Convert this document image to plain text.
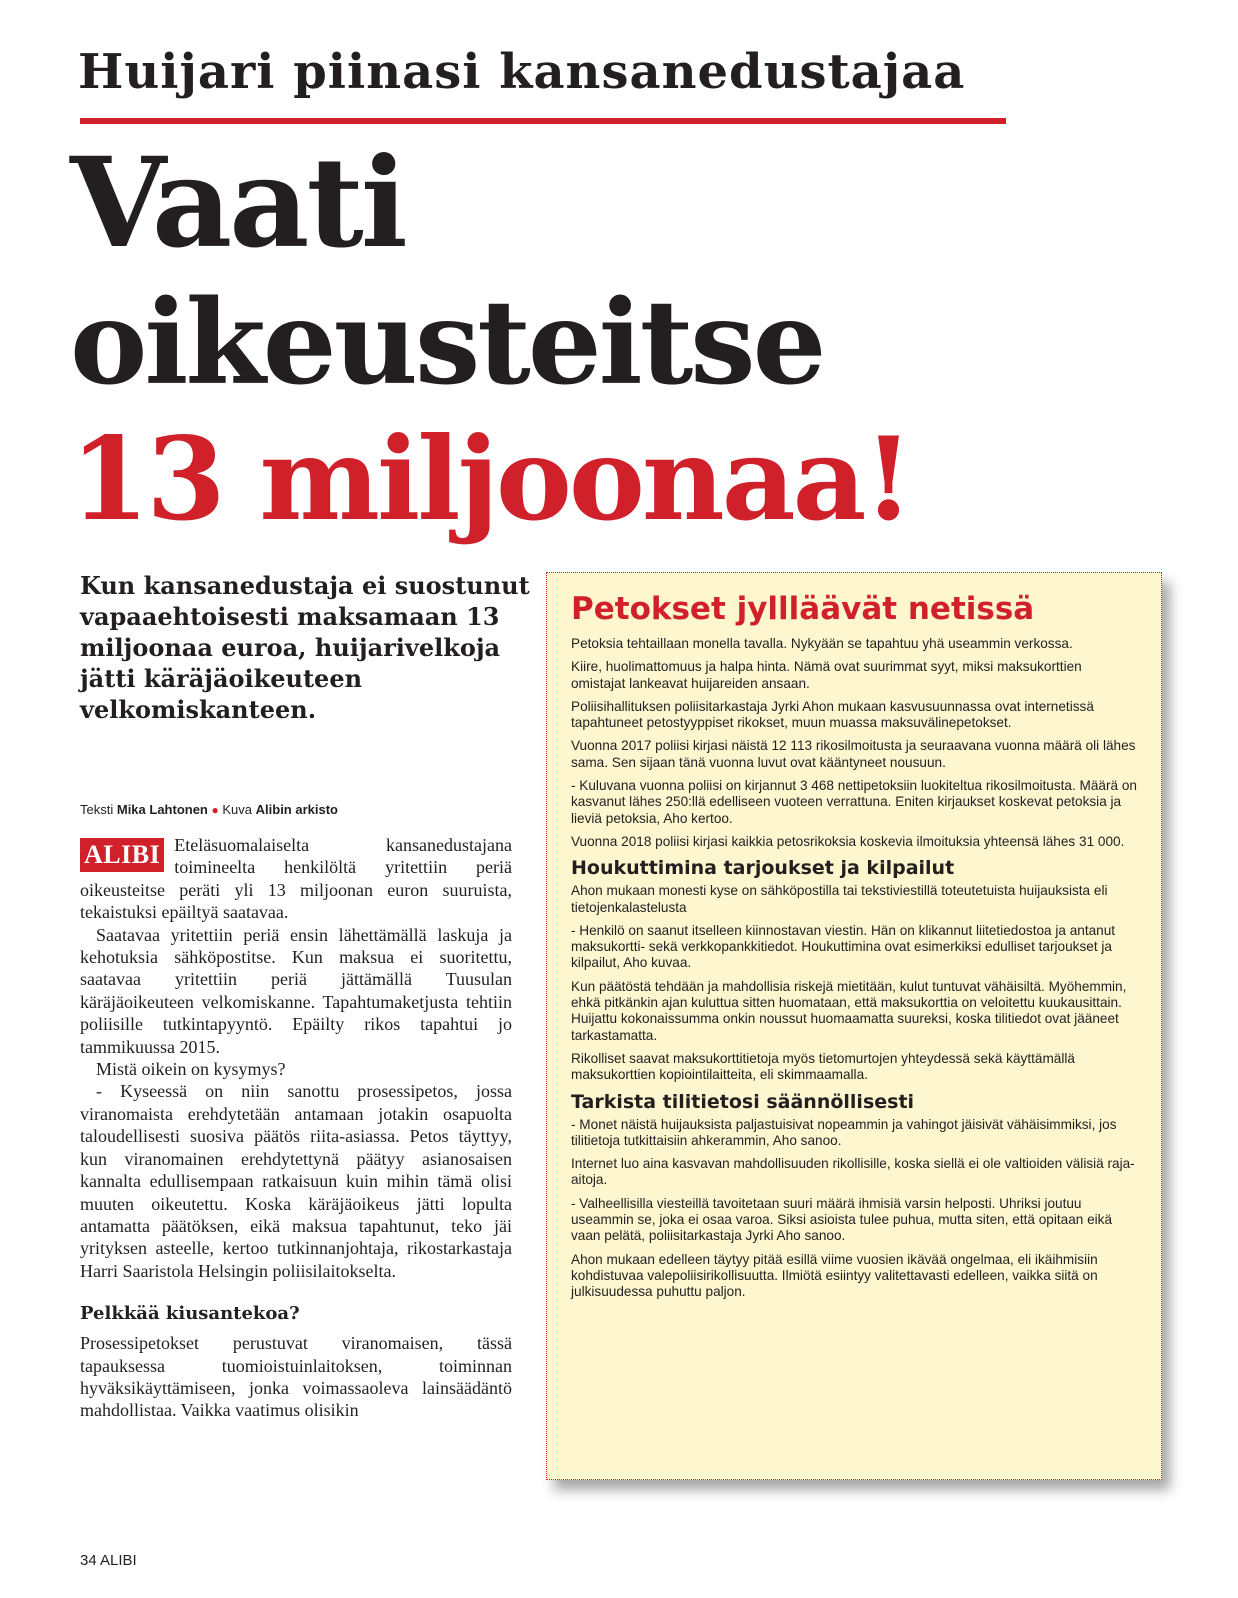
Huijari piinasi kansanedustajaa
Vaati
oikeusteitse
13 miljoonaa!

Kun kansanedustaja ei suostunut vapaaehtoisesti maksamaan 13 miljoonaa euroa, huijarivelkoja jätti käräjäoikeuteen velkomiskanteen.

Teksti Mika Lahtonen ● Kuva Alibin arkisto

ALIBI Eteläsuomalaiselta kansanedustajana toimineelta henkilöltä yritettiin periä oikeusteitse peräti yli 13 miljoonan euron suuruista, tekaistuksi epäiltyä saatavaa.

Saatavaa yritettiin periä ensin lähettämällä laskuja ja kehotuksia sähköpostitse. Kun maksua ei suoritettu, saatavaa yritettiin periä jättämällä Tuusulan käräjäoikeuteen velkomiskanne. Tapahtumaketjusta tehtiin poliisille tutkintapyyntö. Epäilty rikos tapahtui jo tammikuussa 2015.

Mistä oikein on kysymys?

- Kyseessä on niin sanottu prosessipetos, jossa viranomaista erehdytetään antamaan jotakin osapuolta taloudellisesti suosiva päätös riita-asiassa. Petos täyttyy, kun viranomainen erehdytettynä päätyy asianosaisen kannalta edullisempaan ratkaisuun kuin mihin tämä olisi muuten oikeutettu. Koska käräjäoikeus jätti lopulta antamatta päätöksen, eikä maksua tapahtunut, teko jäi yrityksen asteelle, kertoo tutkinnanjohtaja, rikostarkastaja Harri Saaristola Helsingin poliisilaitokselta.

Pelkkää kiusantekoa?

Prosessipetokset perustuvat viranomaisen, tässä tapauksessa tuomioistuinlaitoksen, toiminnan hyväksikäyttämiseen, jonka voimassaoleva lainsäädäntö mahdollistaa. Vaikka vaatimus olisikin

34 ALIBI
Petokset jyllläävät netissä

Petoksia tehtaillaan monella tavalla. Nykyään se tapahtuu yhä useammin verkossa.

Kiire, huolimattomuus ja halpa hinta. Nämä ovat suurimmat syyt, miksi maksukorttien omistajat lankeavat huijareiden ansaan.

Poliisihallituksen poliisitarkastaja Jyrki Ahon mukaan kasvusuunnassa ovat internetissä tapahtuneet petostyyppiset rikokset, muun muassa maksuvälinepetokset.

Vuonna 2017 poliisi kirjasi näistä 12 113 rikosilmoitusta ja seuraavana vuonna määrä oli lähes sama. Sen sijaan tänä vuonna luvut ovat kääntyneet nousuun.

- Kuluvana vuonna poliisi on kirjannut 3 468 nettipetoksiin luokiteltua rikosilmoitusta. Määrä on kasvanut lähes 250:llä edelliseen vuoteen verrattuna. Eniten kirjaukset koskevat petoksia ja lieviä petoksia, Aho kertoo.

Vuonna 2018 poliisi kirjasi kaikkia petosrikoksia koskevia ilmoituksia yhteensä lähes 31 000.

Houkuttimina tarjoukset ja kilpailut

Ahon mukaan monesti kyse on sähköpostilla tai tekstiviestillä toteutetuista huijauksista eli tietojenkalastelusta

- Henkilö on saanut itselleen kiinnostavan viestin. Hän on klikannut liitetiedostoa ja antanut maksukortti- sekä verkkopankkitiedot. Houkuttimina ovat esimerkiksi edulliset tarjoukset ja kilpailut, Aho kuvaa.

Kun päätöstä tehdään ja mahdollisia riskejä mietitään, kulut tuntuvat vähäisiltä. Myöhemmin, ehkä pitkänkin ajan kuluttua sitten huomataan, että maksukorttia on veloitettu kuukausittain. Huijattu kokonaissumma onkin noussut huomaamatta suureksi, koska tilitiedot ovat jääneet tarkastamatta.

Rikolliset saavat maksukorttitietoja myös tietomurtojen yhteydessä sekä käyttämällä maksukorttien kopiointilaitteita, eli skimmaamalla.

Tarkista tilitietosi säännöllisesti

- Monet näistä huijauksista paljastuisivat nopeammin ja vahingot jäisivät vähäisimmiksi, jos tilitietoja tutkittaisiin ahkerammin, Aho sanoo.

Internet luo aina kasvavan mahdollisuuden rikollisille, koska siellä ei ole valtioiden välisiä raja-aitoja.

- Valheellisilla viesteillä tavoitetaan suuri määrä ihmisiä varsin helposti. Uhriksi joutuu useammin se, joka ei osaa varoa. Siksi asioista tulee puhua, mutta siten, että opitaan eikä vaan pelätä, poliisitarkastaja Jyrki Aho sanoo.

Ahon mukaan edelleen täytyy pitää esillä viime vuosien ikävää ongelmaa, eli ikäihmisiin kohdistuvaa valepoliisirikollisuutta. Ilmiötä esiintyy valitettavasti edelleen, vaikka siitä on julkisuudessa puhuttu paljon.
